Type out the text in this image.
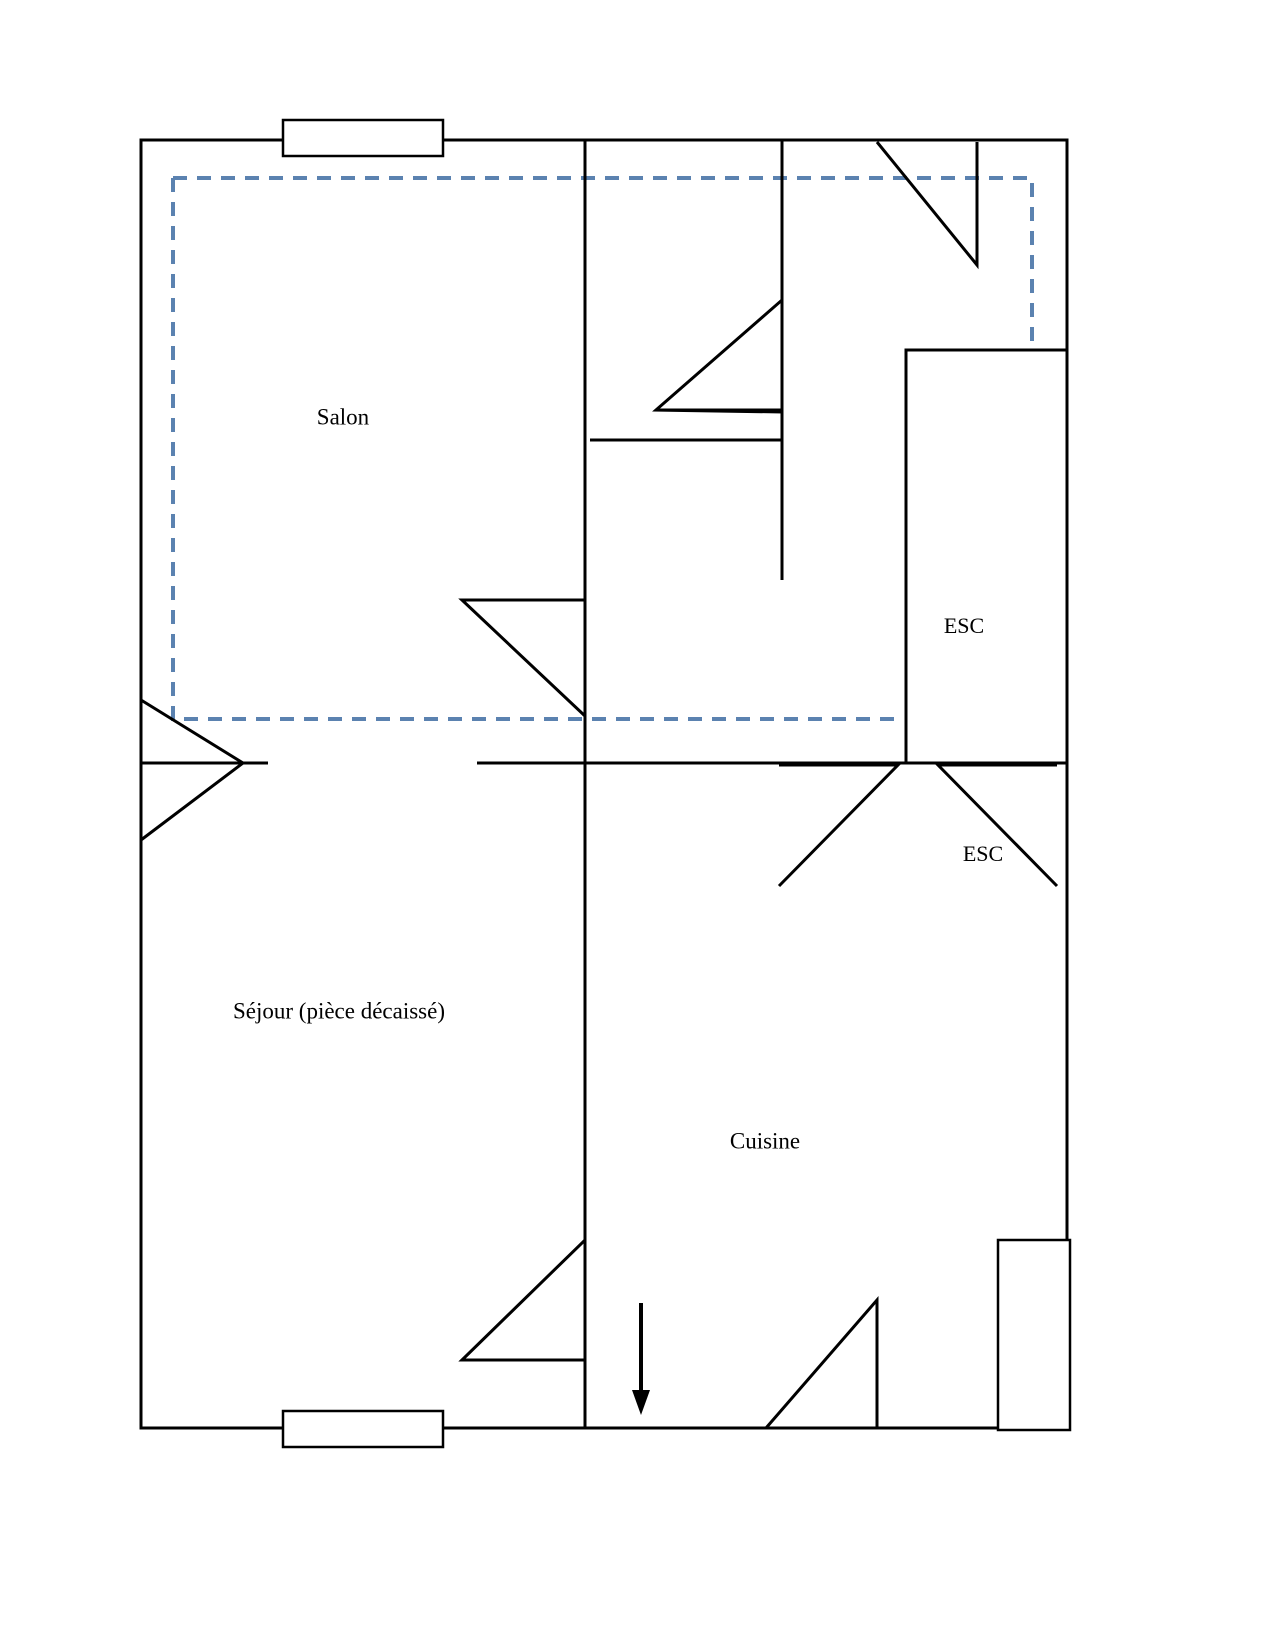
Salon
Séjour (pièce décaissé)
Cuisine
ESC
ESC
